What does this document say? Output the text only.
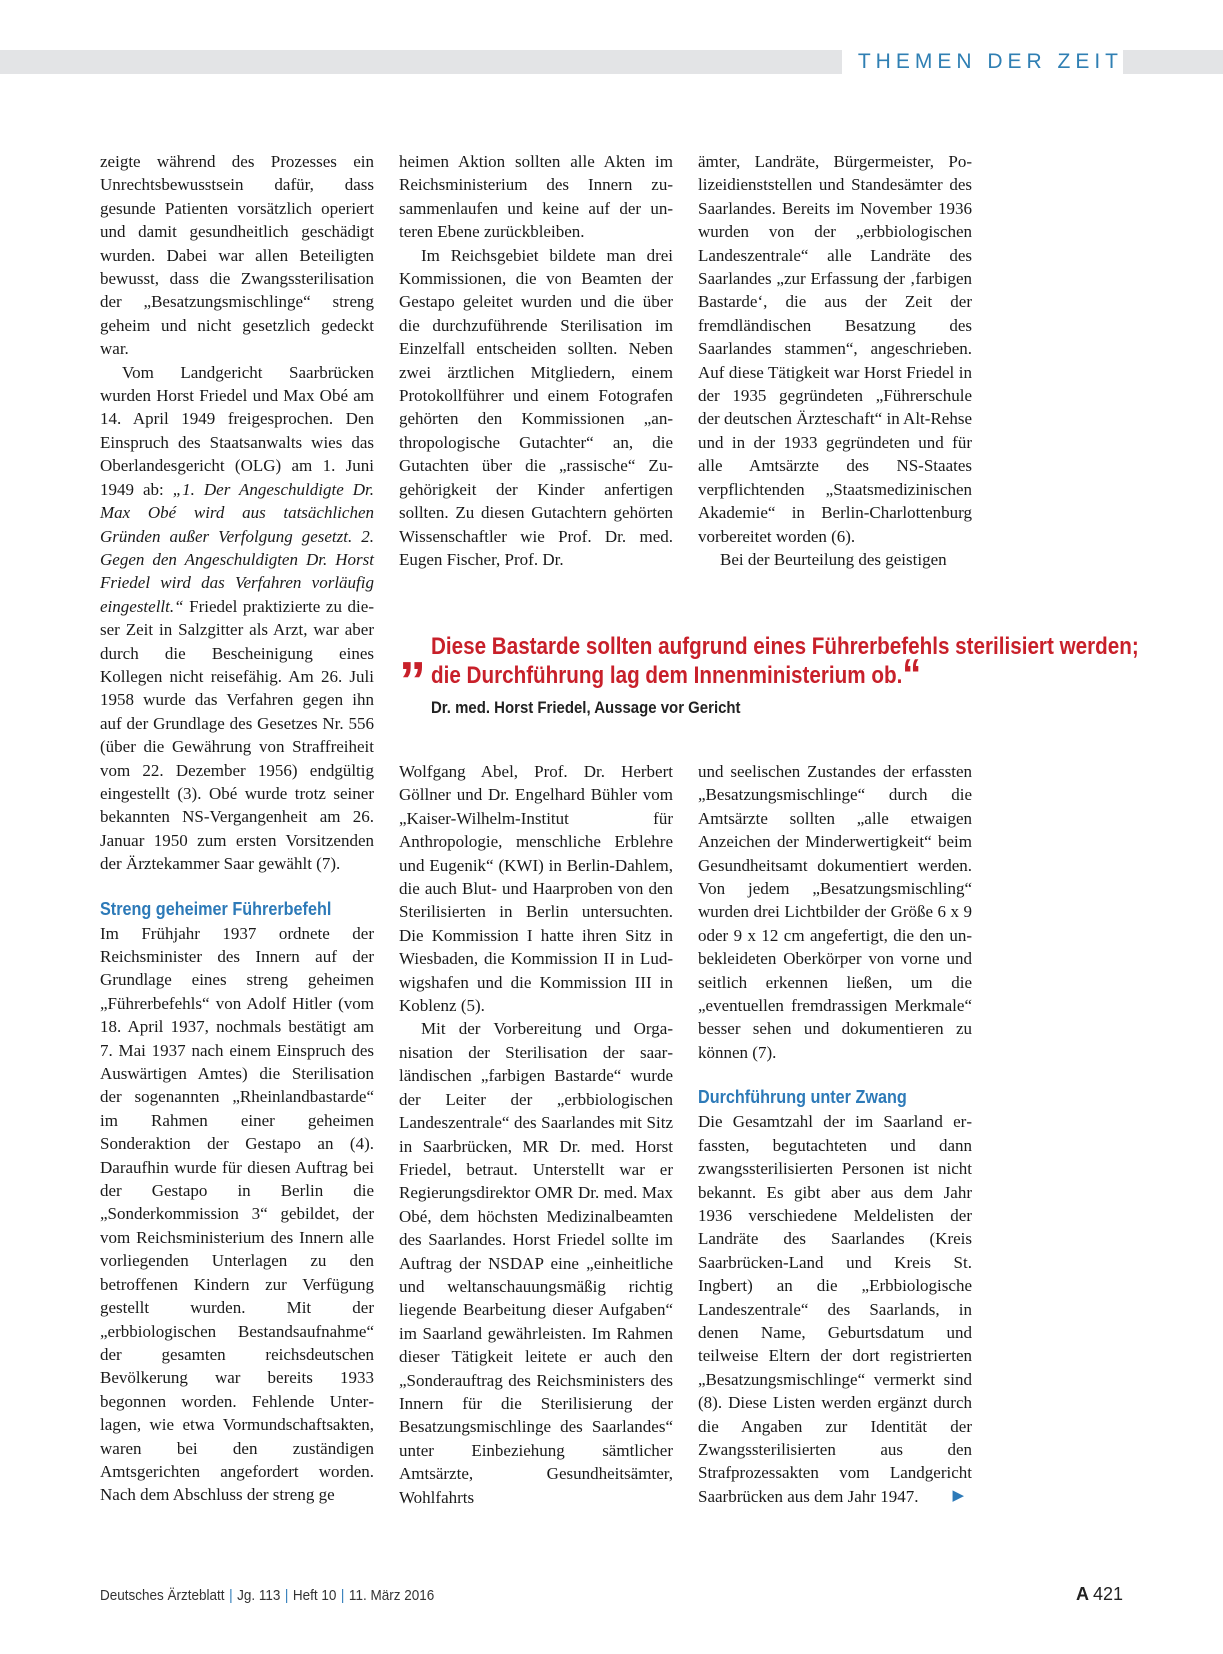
THEMEN DER ZEIT

zeigte während des Prozesses ein Unrechtsbewusstsein dafür, dass gesunde Patienten vorsätzlich operiert und damit gesundheitlich geschädigt wurden. Dabei war allen Beteiligten bewusst, dass die Zwangssterilisation der „Besatzungsmischlinge“ streng geheim und nicht gesetzlich gedeckt war.

Vom Landgericht Saarbrücken wurden Horst Friedel und Max Obé am 14. April 1949 freigesprochen. Den Einspruch des Staatsanwalts wies das Oberlandesgericht (OLG) am 1. Juni 1949 ab: „1. Der Angeschuldigte Dr. Max Obé wird aus tatsächlichen Gründen außer Verfolgung gesetzt. 2. Gegen den Angeschuldigten Dr. Horst Friedel wird das Verfahren vorläufig eingestellt.“ Friedel praktizierte zu dieser Zeit in Salzgitter als Arzt, war aber durch die Bescheinigung eines Kollegen nicht reisefähig. Am 26. Juli 1958 wurde das Verfahren gegen ihn auf der Grundlage des Gesetzes Nr. 556 (über die Gewährung von Straffreiheit vom 22. Dezember 1956) endgültig eingestellt (3). Obé wurde trotz seiner bekannten NS-Vergangenheit am 26. Januar 1950 zum ersten Vorsitzenden der Ärztekammer Saar gewählt (7).

Streng geheimer Führerbefehl

Im Frühjahr 1937 ordnete der Reichsminister des Innern auf der Grundlage eines streng geheimen „Führerbefehls“ von Adolf Hitler (vom 18. April 1937, nochmals bestätigt am 7. Mai 1937 nach einem Einspruch des Auswärtigen Amtes) die Sterilisation der sogenannten „Rheinlandbastarde“ im Rahmen einer geheimen Sonderaktion der Gestapo an (4). Daraufhin wurde für diesen Auftrag bei der Gestapo in Berlin die „Sonderkommission 3“ gebildet, der vom Reichsministerium des Innern alle vorliegenden Unterlagen zu den betroffenen Kindern zur Verfügung gestellt wurden. Mit der „erbbiologischen Bestandsaufnahme“ der gesamten reichsdeutschen Bevölkerung war bereits 1933 begonnen worden. Fehlende Unterlagen, wie etwa Vormundschaftsakten, waren bei den zuständigen Amtsgerichten angefordert worden. Nach dem Abschluss der streng ge

heimen Aktion sollten alle Akten im Reichsministerium des Innern zusammenlaufen und keine auf der unteren Ebene zurückbleiben.

Im Reichsgebiet bildete man drei Kommissionen, die von Beamten der Gestapo geleitet wurden und die über die durchzuführende Sterilisation im Einzelfall entscheiden sollten. Neben zwei ärztlichen Mitgliedern, einem Protokollführer und einem Fotografen gehörten den Kommissionen „anthropologische Gutachter“ an, die Gutachten über die „rassische“ Zugehörigkeit der Kinder anfertigen sollten. Zu diesen Gutachtern gehörten Wissenschaftler wie Prof. Dr. med. Eugen Fischer, Prof. Dr.

ämter, Landräte, Bürgermeister, Polizeidienststellen und Standesämter des Saarlandes. Bereits im November 1936 wurden von der „erbbiologischen Landeszentrale“ alle Landräte des Saarlandes „zur Erfassung der ‚farbigen Bastarde‘, die aus der Zeit der fremdländischen Besatzung des Saarlandes stammen“, angeschrieben. Auf diese Tätigkeit war Horst Friedel in der 1935 gegründeten „Führerschule der deutschen Ärzteschaft“ in Alt-Rehse und in der 1933 gegründeten und für alle Amtsärzte des NS-Staates verpflichtenden „Staatsmedizinischen Akademie“ in Berlin-Charlottenburg vorbereitet worden (6).

Bei der Beurteilung des geistigen

„ Diese Bastarde sollten aufgrund eines Führerbefehls sterilisiert werden; die Durchführung lag dem Innenministerium ob.“
Dr. med. Horst Friedel, Aussage vor Gericht

Wolfgang Abel, Prof. Dr. Herbert Göllner und Dr. Engelhard Bühler vom „Kaiser-Wilhelm-Institut für Anthropologie, menschliche Erblehre und Eugenik“ (KWI) in Berlin-Dahlem, die auch Blut- und Haarproben von den Sterilisierten in Berlin untersuchten. Die Kommission I hatte ihren Sitz in Wiesbaden, die Kommission II in Ludwigshafen und die Kommission III in Koblenz (5).

Mit der Vorbereitung und Organisation der Sterilisation der saarländischen „farbigen Bastarde“ wurde der Leiter der „erbbiologischen Landeszentrale“ des Saarlandes mit Sitz in Saarbrücken, MR Dr. med. Horst Friedel, betraut. Unterstellt war er Regierungsdirektor OMR Dr. med. Max Obé, dem höchsten Medizinalbeamten des Saarlandes. Horst Friedel sollte im Auftrag der NSDAP eine „einheitliche und weltanschauungsmäßig richtig liegende Bearbeitung dieser Aufgaben“ im Saarland gewährleisten. Im Rahmen dieser Tätigkeit leitete er auch den „Sonderauftrag des Reichsministers des Innern für die Sterilisierung der Besatzungsmischlinge des Saarlandes“ unter Einbeziehung sämtlicher Amtsärzte, Gesundheitsämter, Wohlfahrts

und seelischen Zustandes der erfassten „Besatzungsmischlinge“ durch die Amtsärzte sollten „alle etwaigen Anzeichen der Minderwertigkeit“ beim Gesundheitsamt dokumentiert werden. Von jedem „Besatzungsmischling“ wurden drei Lichtbilder der Größe 6 x 9 oder 9 x 12 cm angefertigt, die den unbekleideten Oberkörper von vorne und seitlich erkennen ließen, um die „eventuellen fremdrassigen Merkmale“ besser sehen und dokumentieren zu können (7).

Durchführung unter Zwang

Die Gesamtzahl der im Saarland erfassten, begutachteten und dann zwangssterilisierten Personen ist nicht bekannt. Es gibt aber aus dem Jahr 1936 verschiedene Meldelisten der Landräte des Saarlandes (Kreis Saarbrücken-Land und Kreis St. Ingbert) an die „Erbbiologische Landeszentrale“ des Saarlands, in denen Name, Geburtsdatum und teilweise Eltern der dort registrierten „Besatzungsmischlinge“ vermerkt sind (8). Diese Listen werden ergänzt durch die Angaben zur Identität der Zwangssterilisierten aus den Strafprozessakten vom Landgericht Saarbrücken aus dem Jahr 1947. ▶

Deutsches Ärzteblatt | Jg. 113 | Heft 10 | 11. März 2016	A 421
